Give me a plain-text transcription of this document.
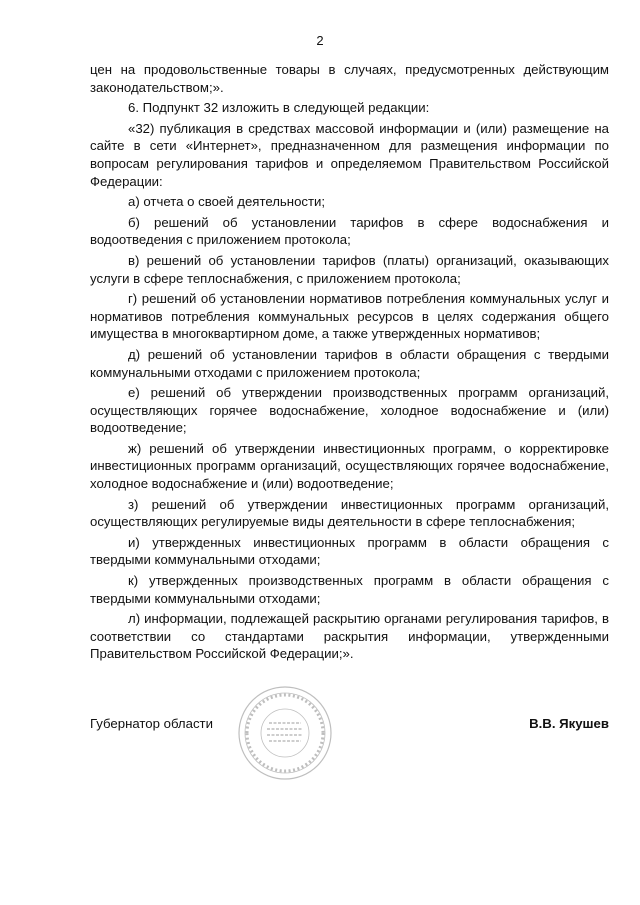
2

цен на продовольственные товары в случаях, предусмотренных действующим законодательством;».

6. Подпункт 32 изложить в следующей редакции:

«32) публикация в средствах массовой информации и (или) размещение на сайте в сети «Интернет», предназначенном для размещения информации по вопросам регулирования тарифов и определяемом Правительством Российской Федерации:

а) отчета о своей деятельности;

б) решений об установлении тарифов в сфере водоснабжения и водоотведения с приложением протокола;

в) решений об установлении тарифов (платы) организаций, оказывающих услуги в сфере теплоснабжения, с приложением протокола;

г) решений об установлении нормативов потребления коммунальных услуг и нормативов потребления коммунальных ресурсов в целях содержания общего имущества в многоквартирном доме, а также утвержденных нормативов;

д) решений об установлении тарифов в области обращения с твердыми коммунальными отходами с приложением протокола;

е) решений об утверждении производственных программ организаций, осуществляющих горячее водоснабжение, холодное водоснабжение и (или) водоотведение;

ж) решений об утверждении инвестиционных программ, о корректировке инвестиционных программ организаций, осуществляющих горячее водоснабжение, холодное водоснабжение и (или) водоотведение;

з) решений об утверждении инвестиционных программ организаций, осуществляющих регулируемые виды деятельности в сфере теплоснабжения;

и) утвержденных инвестиционных программ в области обращения с твердыми коммунальными отходами;

к) утвержденных производственных программ в области обращения с твердыми коммунальными отходами;

л) информации, подлежащей раскрытию органами регулирования тарифов, в соответствии со стандартами раскрытия информации, утвержденными Правительством Российской Федерации;».

Губернатор области	В.В. Якушев
